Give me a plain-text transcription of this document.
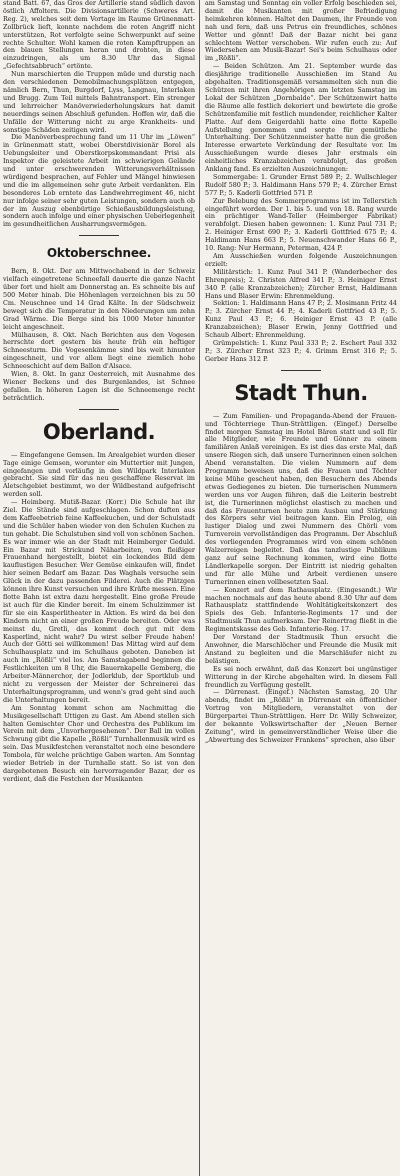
stand Batt. 67, das Gros der Artillerie stand südlich davon östlich Affoltern. Die Divisionsartillerie (Schweres Art. Reg. 2), welches seit dem Vortage im Raume Grünenmatt-Zollbrück lieft, konnte nachdem die roten Angriff nicht unterstützen, Rot verfolgte seine Schwerpunkt auf seine rechte Schulter. Wohl kamen die roten Kampftruppen an den blauen Stellungen heran und drohten, in diese einzudringen, als um 8.30 Uhr das Signal „Gefechtsabbruch“ ertönte.

Nun marschierten die Truppen müde und durstig nach den verschiedenen Demobilmachungsplätzen entgegen, nämlich Bern, Thun, Burgdorf, Lyss, Langnau, Interlaken und Brugg. Zum Teil mittels Bahntransport. Ein strenger und lehrreicher Manöverwiederholungskurs hat damit neuerdings seinen Abschluß gefunden. Hoffen wir, daß die Unfälle der Witterung nicht zu arge Krankheits- und sonstige Schäden zeitigen wird.

Die Manöverbesprechung fand um 11 Uhr im „Löwen“ in Grünenmatt statt, wobei Oberstdivisionär Borel als Uebungsleiter und Oberstkorpskommandant Prisi als Inspektor die geleistete Arbeit im schwierigen Gelände und unter erschwerenden Witterungsverhältnissen würdigend besprachen, auf Fehler und Mängel hinwiesen und die im allgemeinen sehr gute Arbeit verdankten. Ein besonderes Lob erntete das Landwehrregiment 46, nicht nur infolge seiner sehr guten Leistungen, sondern auch ob der im Auszug ebenbürtige Schießausbildungsleistung, sondern auch infolge und einer physischen Ueberlegenheit im gesundheitlichen Ausharrungsvermögen.

Oktoberschnee.

Bern, 8. Okt. Der am Mittwochabend in der Schweiz vielfach eingetretene Schneefall dauerte die ganze Nacht über fort und hielt am Donnerstag an. Es schneite bis auf 500 Meter hinab. Die Höhenlagen verzeichnen bis zu 50 Cm. Neuschnee und 14 Grad Kälte. In der Südschweiz bewegt sich die Temperatur in den Niederungen um zehn Grad Wärme. Die Berge sind bis 1000 Meter hinunter leicht angeschneit.

Mülhausen, 8. Okt. Nach Berichten aus den Vogesen herrschte dort gestern bis heute früh ein heftiger Schneesturm. Die Vogesenkämme sind bis weit hinunter eingeschneit, und vor allem liegt eine ziemlich hohe Schneeschicht auf dem Ballon d'Alsace.

Wien, 8. Okt. In ganz Oesterreich, mit Ausnahme des Wiener Beckens und des Burgenlandes, ist Schnee gefallen. In höheren Lagen ist die Schneemenge recht beträchtlich.

Oberland.

— Eingefangene Gemsen. Im Arealgebiet wurden dieser Tage einige Gemsen, worunter ein Muttertier mit Jungen, eingefangen und vorläufig in den Wildpark Interlaken gebracht. Sie sind für das neu geschaffene Reservat im Aletschgebiet bestimmt, wo der Wildbestand aufgefrischt werden soll.

— Heimberg. Mutiß-Bazar. (Korr.) Die Schule hat ihr Ziel. Die Stände sind aufgeschlagen. Schon duften aus dem Kaffeebetrieb feine Kaffeekuchen, und der Schulstadt und die Schüler haben wieder von den Schulen Kuchen zu tun gehabt. Die Schulstuben sind voll von schönen Sachen. Es war immer wie an der Stadt mit Heimberger Geduld. Ein Bazar mit Strickund Näharbeiten, von fleißiger Frauenhand hergestellt, bietet ein lockendes Bild dem kauflustigen Besucher. Wer Gemüse einkaufen will, findet hier seinen Bedarf am Bazar. Das Waghals versuche sein Glück in der dazu passenden Filderei. Auch die Plätzgen können ihre Kunst versuchen und ihre Kräfte messen. Eine flotte Bahn ist extra dazu hergestellt. Eine große Freude ist auch für die Kinder bereit. Im einem Schulzimmer ist für sie ein Kasperlitheater in Aktion. Es wird da bei den Kindern nicht an einer großen Freude bereiten. Oder was meinst du, Gretli, das kommt doch gut mit dem Kasperlind, nicht wahr? Du wirst selber Freude haben! Auch der Götti sei willkommen! Das Mittag wird auf dem Schulhausplatz und im Schulhaus geboten. Daneben ist auch im „Rößli“ viel los. Am Samstagabend beginnen die Festlichkeiten um 8 Uhr, die Bauernkapelle Gemberg, die Arbeiter-Männerchor, der Jodlerklub, der Sportklub und nicht zu vergessen der Meister der Schreinerei das Unterhaltungsprogramm, und wenn's grad geht sind auch die Unterhaltungen bereit.

Am Sonntag kommt schon am Nachmittag die Musikgesellschaft Uttigen zu Gast. Am Abend stellen sich halten Gemischter Chor und Orchestra des Publikum im Verein mit dem „Unvorhergesehenen“. Der Ball im vollen Schwung gibt die Kapelle „Rößli“ Turnhallenmusik wird es sein. Das Musikfestchen veranstaltet noch eine besondere Tombola, für welche prächtige Gaben warten. Am Sonntag wieder Betrieb in der Turnhalle statt. So ist von den dargebotenen Besuch ein hervorragender Bazar, der es verdient, daß die Festchen der Musikanten

am Samstag und Sonntag ein voller Erfolg beschieden sei, damit die Musikanten mit großer Befriedigung heimkehren können. Haltet den Daumen, ihr Freunde von nah und fern, daß uns Petrus ein freundliches, schönes Wetter und gönnt! Daß der Bazar nicht bei ganz schlechtem Wetter verschoben. Wir rufen euch zu: Auf Wiedersehen am Musik-Bazar! Sei's beim Schulhaus oder im „Rößli“.

— Beiden Schützen. Am 21. September wurde das diesjährige traditionelle Ausschießen im Stand Au abgehalten. Traditionsgemäß versammelten sich nun die Schützen mit ihren Angehörigen am letzten Samstag im Lokal der Schützen „Dornbalde“. Der Schützenwirt hatte die Räume alle festlich dekoriert und bewirtete die große Schützenfamilie mit festlich mundender, reichlicher Kalter Platte. Auf dem Geigerdahli hatte eine flotte Kapelle Aufstellung genommen und sorgte für gemütliche Unterhaltung. Der Schützenmeister hatte nun die großen Interesse erwartete Verkündung der Resultate vor. Im Ausschießungen wurde dieses Jahr erstmals ein einheitliches Kranzabzeichen verabfolgt, das großen Anklang fand. Es erzielten Auszeichnungen:

Sommergabe: 1. Grunder Ernst 589 P.; 2. Wullschleger Rudolf 580 P.; 3. Haldimann Hans 579 P.; 4. Zürcher Ernst 577 P.; 5. Kaderli Gottfried 571 P.

Zur Belebung des Sommerprogramms ist im Tellerstich eingeführt worden. Der 1. bis 5. und von 18. Rang wurde ein prächtiger Wand-Teller (Heimberger Fabrikat) verabfolgt. Diesen haben gewonnen: 1. Kunz Paul 731 P.; 2. Heiniger Ernst 690 P.; 3. Kaderli Gottfried 675 P.; 4. Haldimann Hans 663 P.; 5. Neuenschwander Hans 66 P., 10. Rang: Nur Hermann, Peterman, 424 P.

Am Ausschießen wurden folgende Auszeichnungen erzielt:

Militärstich: 1. Kunz Paul 341 P. (Wanderbecher des Ehrenpreis); 2. Christen Alfred 341 P.; 3. Heiniger Ernst 340 P. (alle Kranzabzeichen); Zürcher Ernst, Haldimann Hans und Blaser Erwin: Ehrenmeldung.

Sektion: 1. Haldimann Hans 47 P.; 2. Mosimann Fritz 44 P.; 3. Zürcher Ernst 44 P.; 4. Kaderli Gottfried 43 P.; 5. Kunz Paul 43 P.; 6. Heiniger Ernst 43 P. (alle Kranzabzeichen); Blaser Erwin, Jenny Gottfried und Schaub Albert: Ehrenmeldung.

Grümpelstich: 1. Kunz Paul 333 P.; 2. Eschert Paul 332 P.; 3. Zürcher Ernst 323 P.; 4. Grimm Ernst 316 P.; 5. Gerber Hans 312 P.

Stadt Thun.

— Zum Familien- und Propaganda-Abend der Frauen- und Töchterriege Thun-Strättligen. (Eingef.) Derselbe findet morgen Samstag im Hotel Bären statt und soll für alle Mitglieder, wie Freunde und Gönner zu einem familiären Anlaß vereinigen. Es ist dies das erste Mal, daß unsere Riegen sich, daß unsere Turnerinnen einen solchen Abend veranstalten. Die vielen Nummern auf dem Programm beweisen uns, daß die Frauen und Töchter keine Mühe gescheut haben, den Besuchern des Abends etwas Gediegenes zu bieten. Die turnerischen Nummern werden uns vor Augen führen, daß die Leiterin bestrebt ist, die Turnerinnen möglichst elastisch zu machen und daß das Frauenturnen heute zum Ausbau und Stärkung des Körpers sehr viel beitragen kann. Ein Prolog, ein lustiger Dialog und zwei Nummern des Chörli vom Turnverein vervollständigen das Programm. Der Abschluß des vorliegenden Programmes wird von einem schönen Walzerreigen begleitet. Daß das tanzlustige Publikum ganz auf seine Rechnung kommen, wird eine flotte Ländlerkapelle sorgen. Der Eintritt ist niedrig gehalten und für alle Mühe und Arbeit verdienen unsere Turnerinnen einen vollbesetzten Saal.

— Konzert auf dem Rathausplatz. (Eingesandt.) Wir machen nochmals auf das heute abend 8.30 Uhr auf dem Rathausplatz stattfindende Wohltätigkeitskonzert des Spiels des Geb. Infanterie-Regiments 17 und der Stadtmusik Thun aufmerksam. Der Reinertrag fließt in die Regimentskasse des Geb. Infanterie-Reg. 17.

Der Vorstand der Stadtmusik Thun ersucht die Anwohner, die Marschlöcher und Freunde die Musik mit Anstand zu begleiten und die Marschläufer nicht zu belästigen.

Es sei noch erwähnt, daß das Konzert bei ungünstiger Witterung in der Kirche abgehalten wird. In diesem Fall freundlich zu Verfügung gestellt.

— Dürrenast. (Eingef.) Nächsten Samstag, 20 Uhr abends, findet im „Rößli“ in Dürrenast ein öffentlicher Vortrag von Mitgliedern, veranstaltet von der Bürgerpartei Thun-Strättligen. Herr Dr. Willy Schweizer, der bekannte Volkswirtschafter der „Neuen Berner Zeitung“, wird in gemeinverständlicher Weise über die „Abwertung des Schweizer Frankens“ sprechen, also über
